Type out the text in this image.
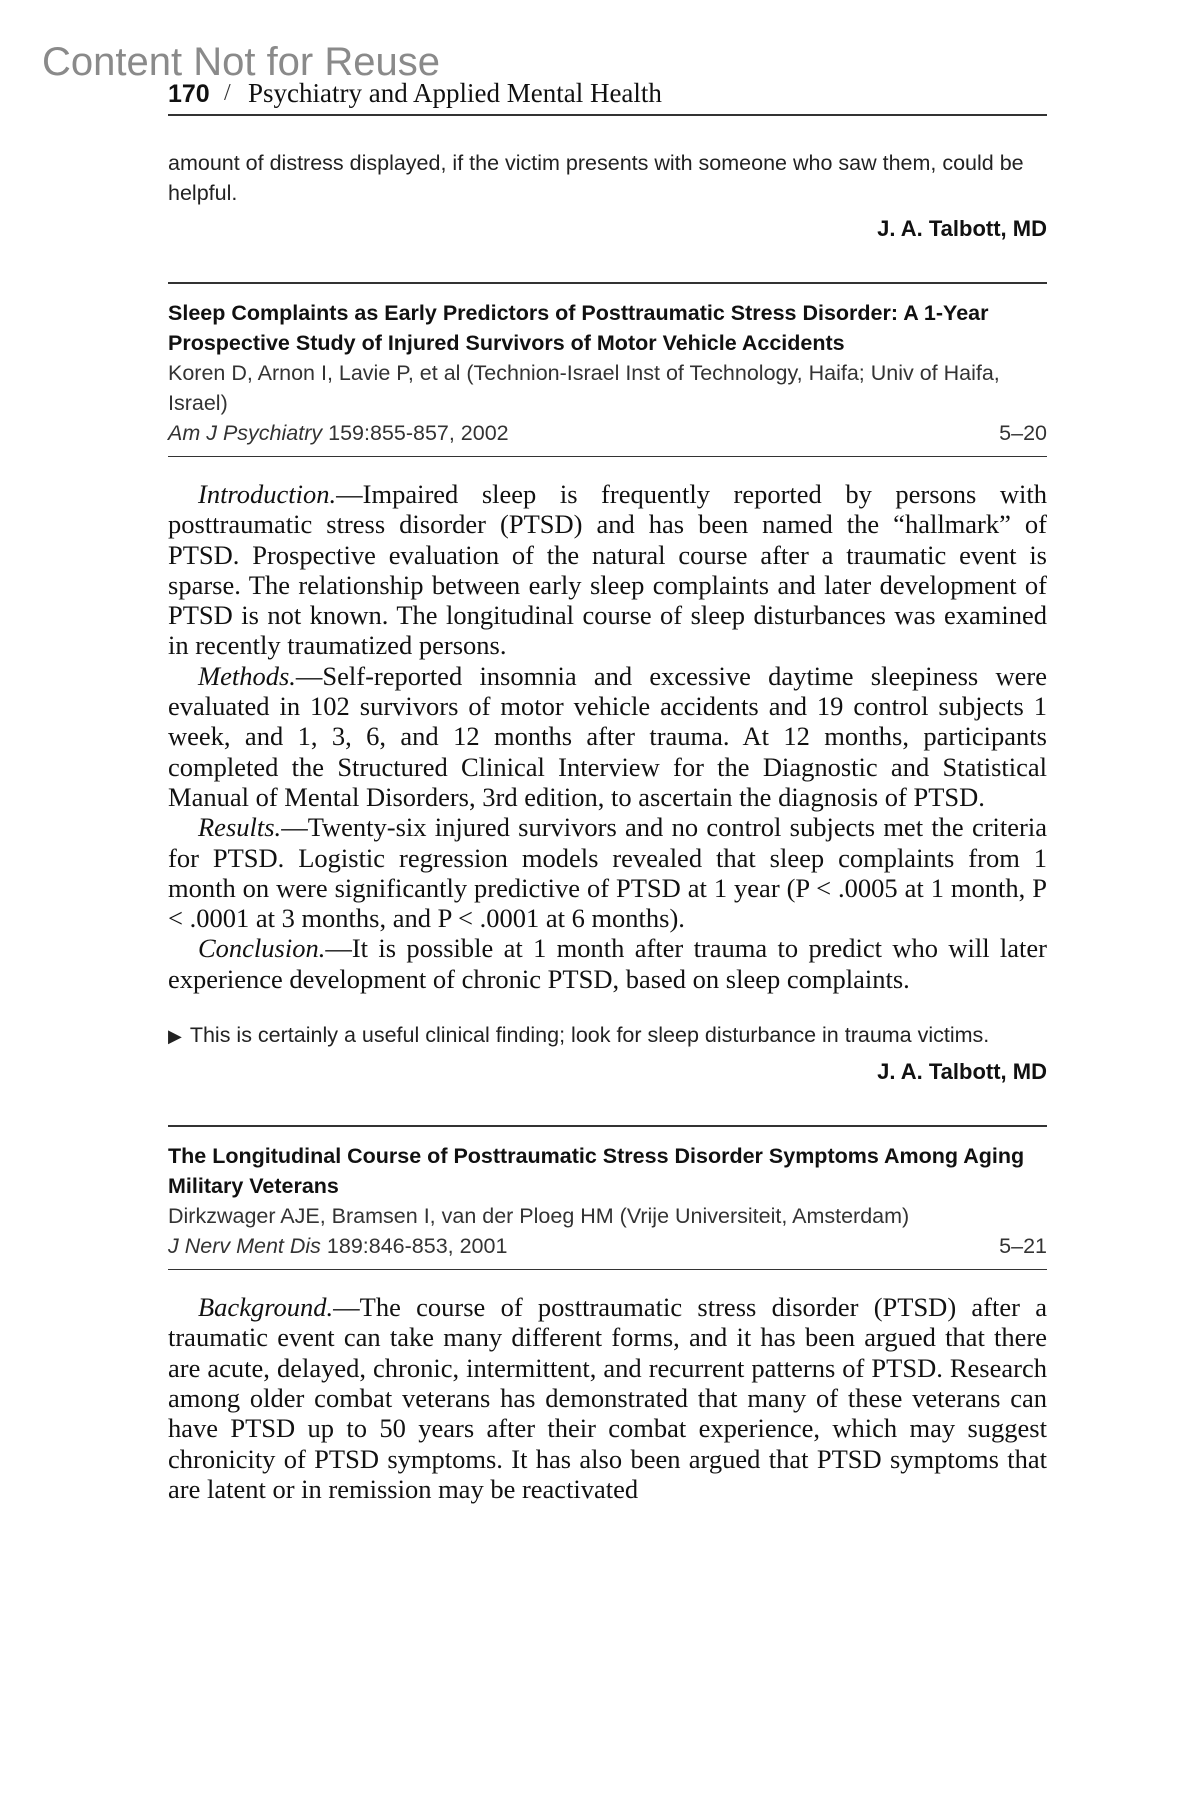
Content Not for Reuse
170 / Psychiatry and Applied Mental Health
amount of distress displayed, if the victim presents with someone who saw them, could be helpful.
J. A. Talbott, MD
Sleep Complaints as Early Predictors of Posttraumatic Stress Disorder: A 1-Year Prospective Study of Injured Survivors of Motor Vehicle Accidents
Koren D, Arnon I, Lavie P, et al (Technion-Israel Inst of Technology, Haifa; Univ of Haifa, Israel)
Am J Psychiatry 159:855-857, 2002	5–20

Introduction.—Impaired sleep is frequently reported by persons with posttraumatic stress disorder (PTSD) and has been named the “hallmark” of PTSD. Prospective evaluation of the natural course after a traumatic event is sparse. The relationship between early sleep complaints and later development of PTSD is not known. The longitudinal course of sleep disturbances was examined in recently traumatized persons.

Methods.—Self-reported insomnia and excessive daytime sleepiness were evaluated in 102 survivors of motor vehicle accidents and 19 control subjects 1 week, and 1, 3, 6, and 12 months after trauma. At 12 months, participants completed the Structured Clinical Interview for the Diagnostic and Statistical Manual of Mental Disorders, 3rd edition, to ascertain the diagnosis of PTSD.

Results.—Twenty-six injured survivors and no control subjects met the criteria for PTSD. Logistic regression models revealed that sleep complaints from 1 month on were significantly predictive of PTSD at 1 year (P < .0005 at 1 month, P < .0001 at 3 months, and P < .0001 at 6 months).

Conclusion.—It is possible at 1 month after trauma to predict who will later experience development of chronic PTSD, based on sleep complaints.

▶ This is certainly a useful clinical finding; look for sleep disturbance in trauma victims.
J. A. Talbott, MD
The Longitudinal Course of Posttraumatic Stress Disorder Symptoms Among Aging Military Veterans
Dirkzwager AJE, Bramsen I, van der Ploeg HM (Vrije Universiteit, Amsterdam)
J Nerv Ment Dis 189:846-853, 2001	5–21

Background.—The course of posttraumatic stress disorder (PTSD) after a traumatic event can take many different forms, and it has been argued that there are acute, delayed, chronic, intermittent, and recurrent patterns of PTSD. Research among older combat veterans has demonstrated that many of these veterans can have PTSD up to 50 years after their combat experience, which may suggest chronicity of PTSD symptoms. It has also been argued that PTSD symptoms that are latent or in remission may be reactivated
